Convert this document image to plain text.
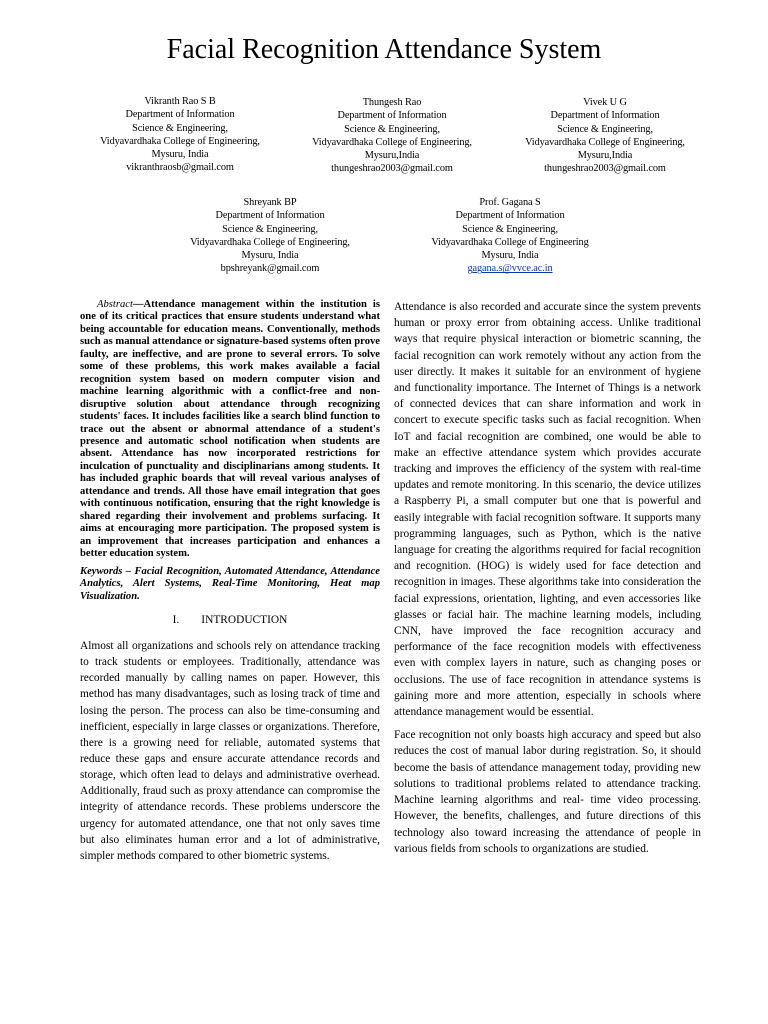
Facial Recognition Attendance System
Vikranth Rao S B
Department of Information
Science & Engineering,
Vidyavardhaka College of Engineering,
Mysuru, India
vikranthraosb@gmail.com
Thungesh Rao
Department of Information
Science & Engineering,
Vidyavardhaka College of Engineering,
Mysuru,India
thungeshrao2003@gmail.com
Vivek U G
Department of Information
Science & Engineering,
Vidyavardhaka College of Engineering,
Mysuru,India
thungeshrao2003@gmail.com
Shreyank BP
Department of Information
Science & Engineering,
Vidyavardhaka College of Engineering,
Mysuru, India
bpshreyank@gmail.com
Prof. Gagana S
Department of Information
Science & Engineering,
Vidyavardhaka College of Engineering
Mysuru, India
gagana.s@vvce.ac.in

Abstract—Attendance management within the institution is one of its critical practices that ensure students understand what being accountable for education means. Conventionally, methods such as manual attendance or signature-based systems often prove faulty, are ineffective, and are prone to several errors. To solve some of these problems, this work makes available a facial recognition system based on modern computer vision and machine learning algorithmic with a conflict-free and non- disruptive solution about attendance through recognizing students' faces. It includes facilities like a search blind function to trace out the absent or abnormal attendance of a student's presence and automatic school notification when students are absent. Attendance has now incorporated restrictions for inculcation of punctuality and disciplinarians among students. It has included graphic boards that will reveal various analyses of attendance and trends. All those have email integration that goes with continuous notification, ensuring that the right knowledge is shared regarding their involvement and problems surfacing. It aims at encouraging more participation. The proposed system is an improvement that increases participation and enhances a better education system.

Keywords – Facial Recognition, Automated Attendance, Attendance Analytics, Alert Systems, Real-Time Monitoring, Heat map Visualization.

I. INTRODUCTION

Almost all organizations and schools rely on attendance tracking to track students or employees. Traditionally, attendance was recorded manually by calling names on paper. However, this method has many disadvantages, such as losing track of time and losing the person. The process can also be time-consuming and inefficient, especially in large classes or organizations. Therefore, there is a growing need for reliable, automated systems that reduce these gaps and ensure accurate attendance records and storage, which often lead to delays and administrative overhead. Additionally, fraud such as proxy attendance can compromise the integrity of attendance records. These problems underscore the urgency for automated attendance, one that not only saves time but also eliminates human error and a lot of administrative, simpler methods compared to other biometric systems.

Attendance is also recorded and accurate since the system prevents human or proxy error from obtaining access. Unlike traditional ways that require physical interaction or biometric scanning, the facial recognition can work remotely without any action from the user directly. It makes it suitable for an environment of hygiene and functionality importance. The Internet of Things is a network of connected devices that can share information and work in concert to execute specific tasks such as facial recognition. When IoT and facial recognition are combined, one would be able to make an effective attendance system which provides accurate tracking and improves the efficiency of the system with real-time updates and remote monitoring. In this scenario, the device utilizes a Raspberry Pi, a small computer but one that is powerful and easily integrable with facial recognition software. It supports many programming languages, such as Python, which is the native language for creating the algorithms required for facial recognition and recognition. (HOG) is widely used for face detection and recognition in images. These algorithms take into consideration the facial expressions, orientation, lighting, and even accessories like glasses or facial hair. The machine learning models, including CNN, have improved the face recognition accuracy and performance of the face recognition models with effectiveness even with complex layers in nature, such as changing poses or occlusions. The use of face recognition in attendance systems is gaining more and more attention, especially in schools where attendance management would be essential.

Face recognition not only boasts high accuracy and speed but also reduces the cost of manual labor during registration. So, it should become the basis of attendance management today, providing new solutions to traditional problems related to attendance tracking. Machine learning algorithms and real- time video processing. However, the benefits, challenges, and future directions of this technology also toward increasing the attendance of people in various fields from schools to organizations are studied.
